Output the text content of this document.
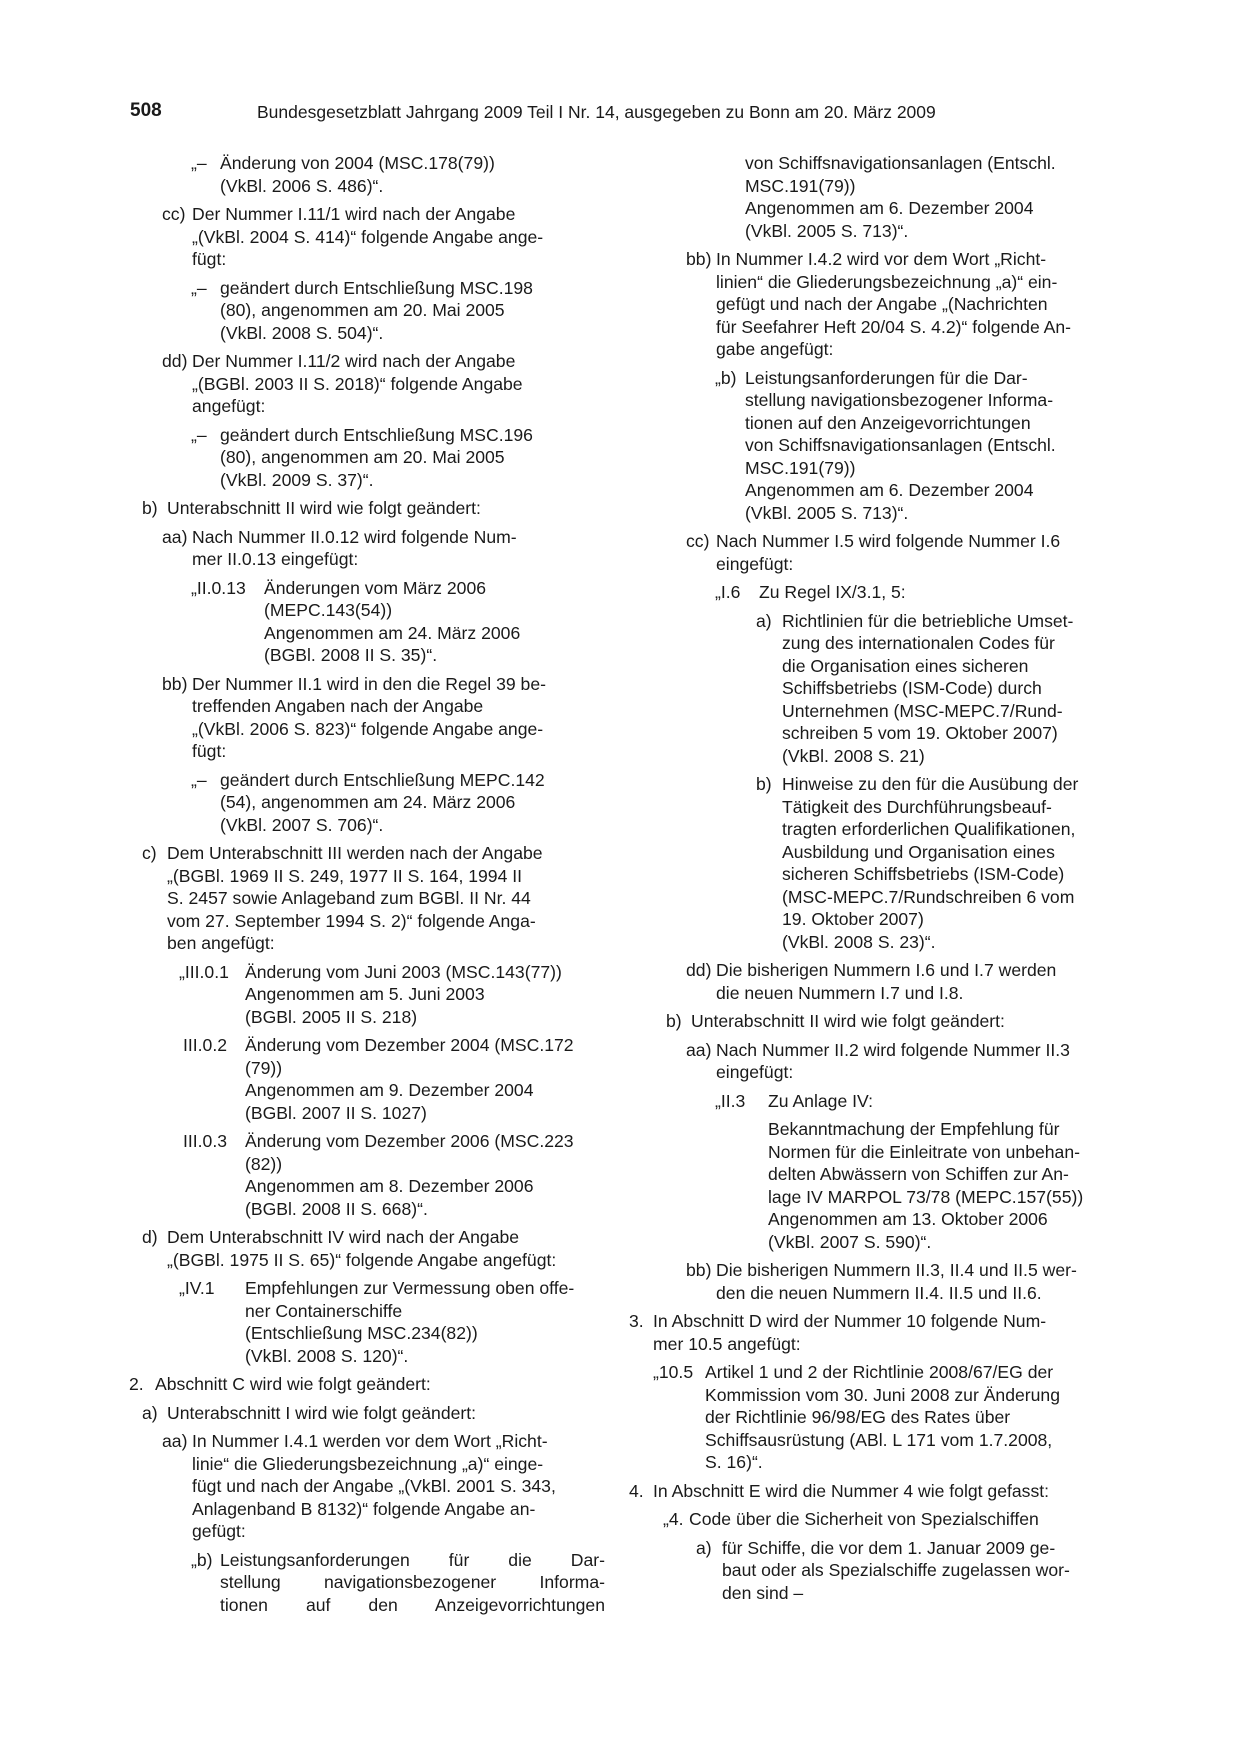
508	Bundesgesetzblatt Jahrgang 2009 Teil I Nr. 14, ausgegeben zu Bonn am 20. März 2009
„– Änderung von 2004 (MSC.178(79))
(VkBl. 2006 S. 486)“.
cc) Der Nummer I.11/1 wird nach der Angabe
„(VkBl. 2004 S. 414)“ folgende Angabe ange-
fügt:
„– geändert durch Entschließung MSC.198
(80), angenommen am 20. Mai 2005
(VkBl. 2008 S. 504)“.
dd) Der Nummer I.11/2 wird nach der Angabe
„(BGBl. 2003 II S. 2018)“ folgende Angabe
angefügt:
„– geändert durch Entschließung MSC.196
(80), angenommen am 20. Mai 2005
(VkBl. 2009 S. 37)“.
b) Unterabschnitt II wird wie folgt geändert:
aa) Nach Nummer II.0.12 wird folgende Num-
mer II.0.13 eingefügt:
„II.0.13	Änderungen vom März 2006
(MEPC.143(54))
Angenommen am 24. März 2006
(BGBl. 2008 II S. 35)“.
bb) Der Nummer II.1 wird in den die Regel 39 be-
treffenden Angaben nach der Angabe
„(VkBl. 2006 S. 823)“ folgende Angabe ange-
fügt:
„– geändert durch Entschließung MEPC.142
(54), angenommen am 24. März 2006
(VkBl. 2007 S. 706)“.
c) Dem Unterabschnitt III werden nach der Angabe
„(BGBl. 1969 II S. 249, 1977 II S. 164, 1994 II
S. 2457 sowie Anlageband zum BGBl. II Nr. 44
vom 27. September 1994 S. 2)“ folgende Anga-
ben angefügt:
„III.0.1 Änderung vom Juni 2003 (MSC.143(77))
Angenommen am 5. Juni 2003
(BGBl. 2005 II S. 218)
III.0.2	Änderung vom Dezember 2004 (MSC.172
(79))
Angenommen am 9. Dezember 2004
(BGBl. 2007 II S. 1027)
III.0.3	Änderung vom Dezember 2006 (MSC.223
(82))
Angenommen am 8. Dezember 2006
(BGBl. 2008 II S. 668)“.
d) Dem Unterabschnitt IV wird nach der Angabe
„(BGBl. 1975 II S. 65)“ folgende Angabe angefügt:
„IV.1	Empfehlungen zur Vermessung oben offe-
ner Containerschiffe
(Entschließung MSC.234(82))
(VkBl. 2008 S. 120)“.
2. Abschnitt C wird wie folgt geändert:
a) Unterabschnitt I wird wie folgt geändert:
aa) In Nummer I.4.1 werden vor dem Wort „Richt-
linie“ die Gliederungsbezeichnung „a)“ einge-
fügt und nach der Angabe „(VkBl. 2001 S. 343,
Anlagenband B 8132)“ folgende Angabe an-
gefügt:
„b) Leistungsanforderungen für die Dar-
stellung navigationsbezogener Informa-
tionen auf den Anzeigevorrichtungen
von Schiffsnavigationsanlagen (Entschl.
MSC.191(79))
Angenommen am 6. Dezember 2004
(VkBl. 2005 S. 713)“.
bb) In Nummer I.4.2 wird vor dem Wort „Richt-
linien“ die Gliederungsbezeichnung „a)“ ein-
gefügt und nach der Angabe „(Nachrichten
für Seefahrer Heft 20/04 S. 4.2)“ folgende An-
gabe angefügt:
„b) Leistungsanforderungen für die Dar-
stellung navigationsbezogener Informa-
tionen auf den Anzeigevorrichtungen
von Schiffsnavigationsanlagen (Entschl.
MSC.191(79))
Angenommen am 6. Dezember 2004
(VkBl. 2005 S. 713)“.
cc) Nach Nummer I.5 wird folgende Nummer I.6
eingefügt:
„I.6	Zu Regel IX/3.1, 5:
a) Richtlinien für die betriebliche Umset-
zung des internationalen Codes für
die Organisation eines sicheren
Schiffsbetriebs (ISM-Code) durch
Unternehmen (MSC-MEPC.7/Rund-
schreiben 5 vom 19. Oktober 2007)
(VkBl. 2008 S. 21)
b) Hinweise zu den für die Ausübung der
Tätigkeit des Durchführungsbeauf-
tragten erforderlichen Qualifikationen,
Ausbildung und Organisation eines
sicheren Schiffsbetriebs (ISM-Code)
(MSC-MEPC.7/Rundschreiben 6 vom
19. Oktober 2007)
(VkBl. 2008 S. 23)“.
dd) Die bisherigen Nummern I.6 und I.7 werden
die neuen Nummern I.7 und I.8.
b) Unterabschnitt II wird wie folgt geändert:
aa) Nach Nummer II.2 wird folgende Nummer II.3
eingefügt:
„II.3	Zu Anlage IV:
Bekanntmachung der Empfehlung für
Normen für die Einleitrate von unbehan-
delten Abwässern von Schiffen zur An-
lage IV MARPOL 73/78 (MEPC.157(55))
Angenommen am 13. Oktober 2006
(VkBl. 2007 S. 590)“.
bb) Die bisherigen Nummern II.3, II.4 und II.5 wer-
den die neuen Nummern II.4. II.5 und II.6.
3. In Abschnitt D wird der Nummer 10 folgende Num-
mer 10.5 angefügt:
„10.5 Artikel 1 und 2 der Richtlinie 2008/67/EG der
Kommission vom 30. Juni 2008 zur Änderung
der Richtlinie 96/98/EG des Rates über
Schiffsausrüstung (ABl. L 171 vom 1.7.2008,
S. 16)“.
4. In Abschnitt E wird die Nummer 4 wie folgt gefasst:
„4. Code über die Sicherheit von Spezialschiffen
a) für Schiffe, die vor dem 1. Januar 2009 ge-
baut oder als Spezialschiffe zugelassen wor-
den sind –
